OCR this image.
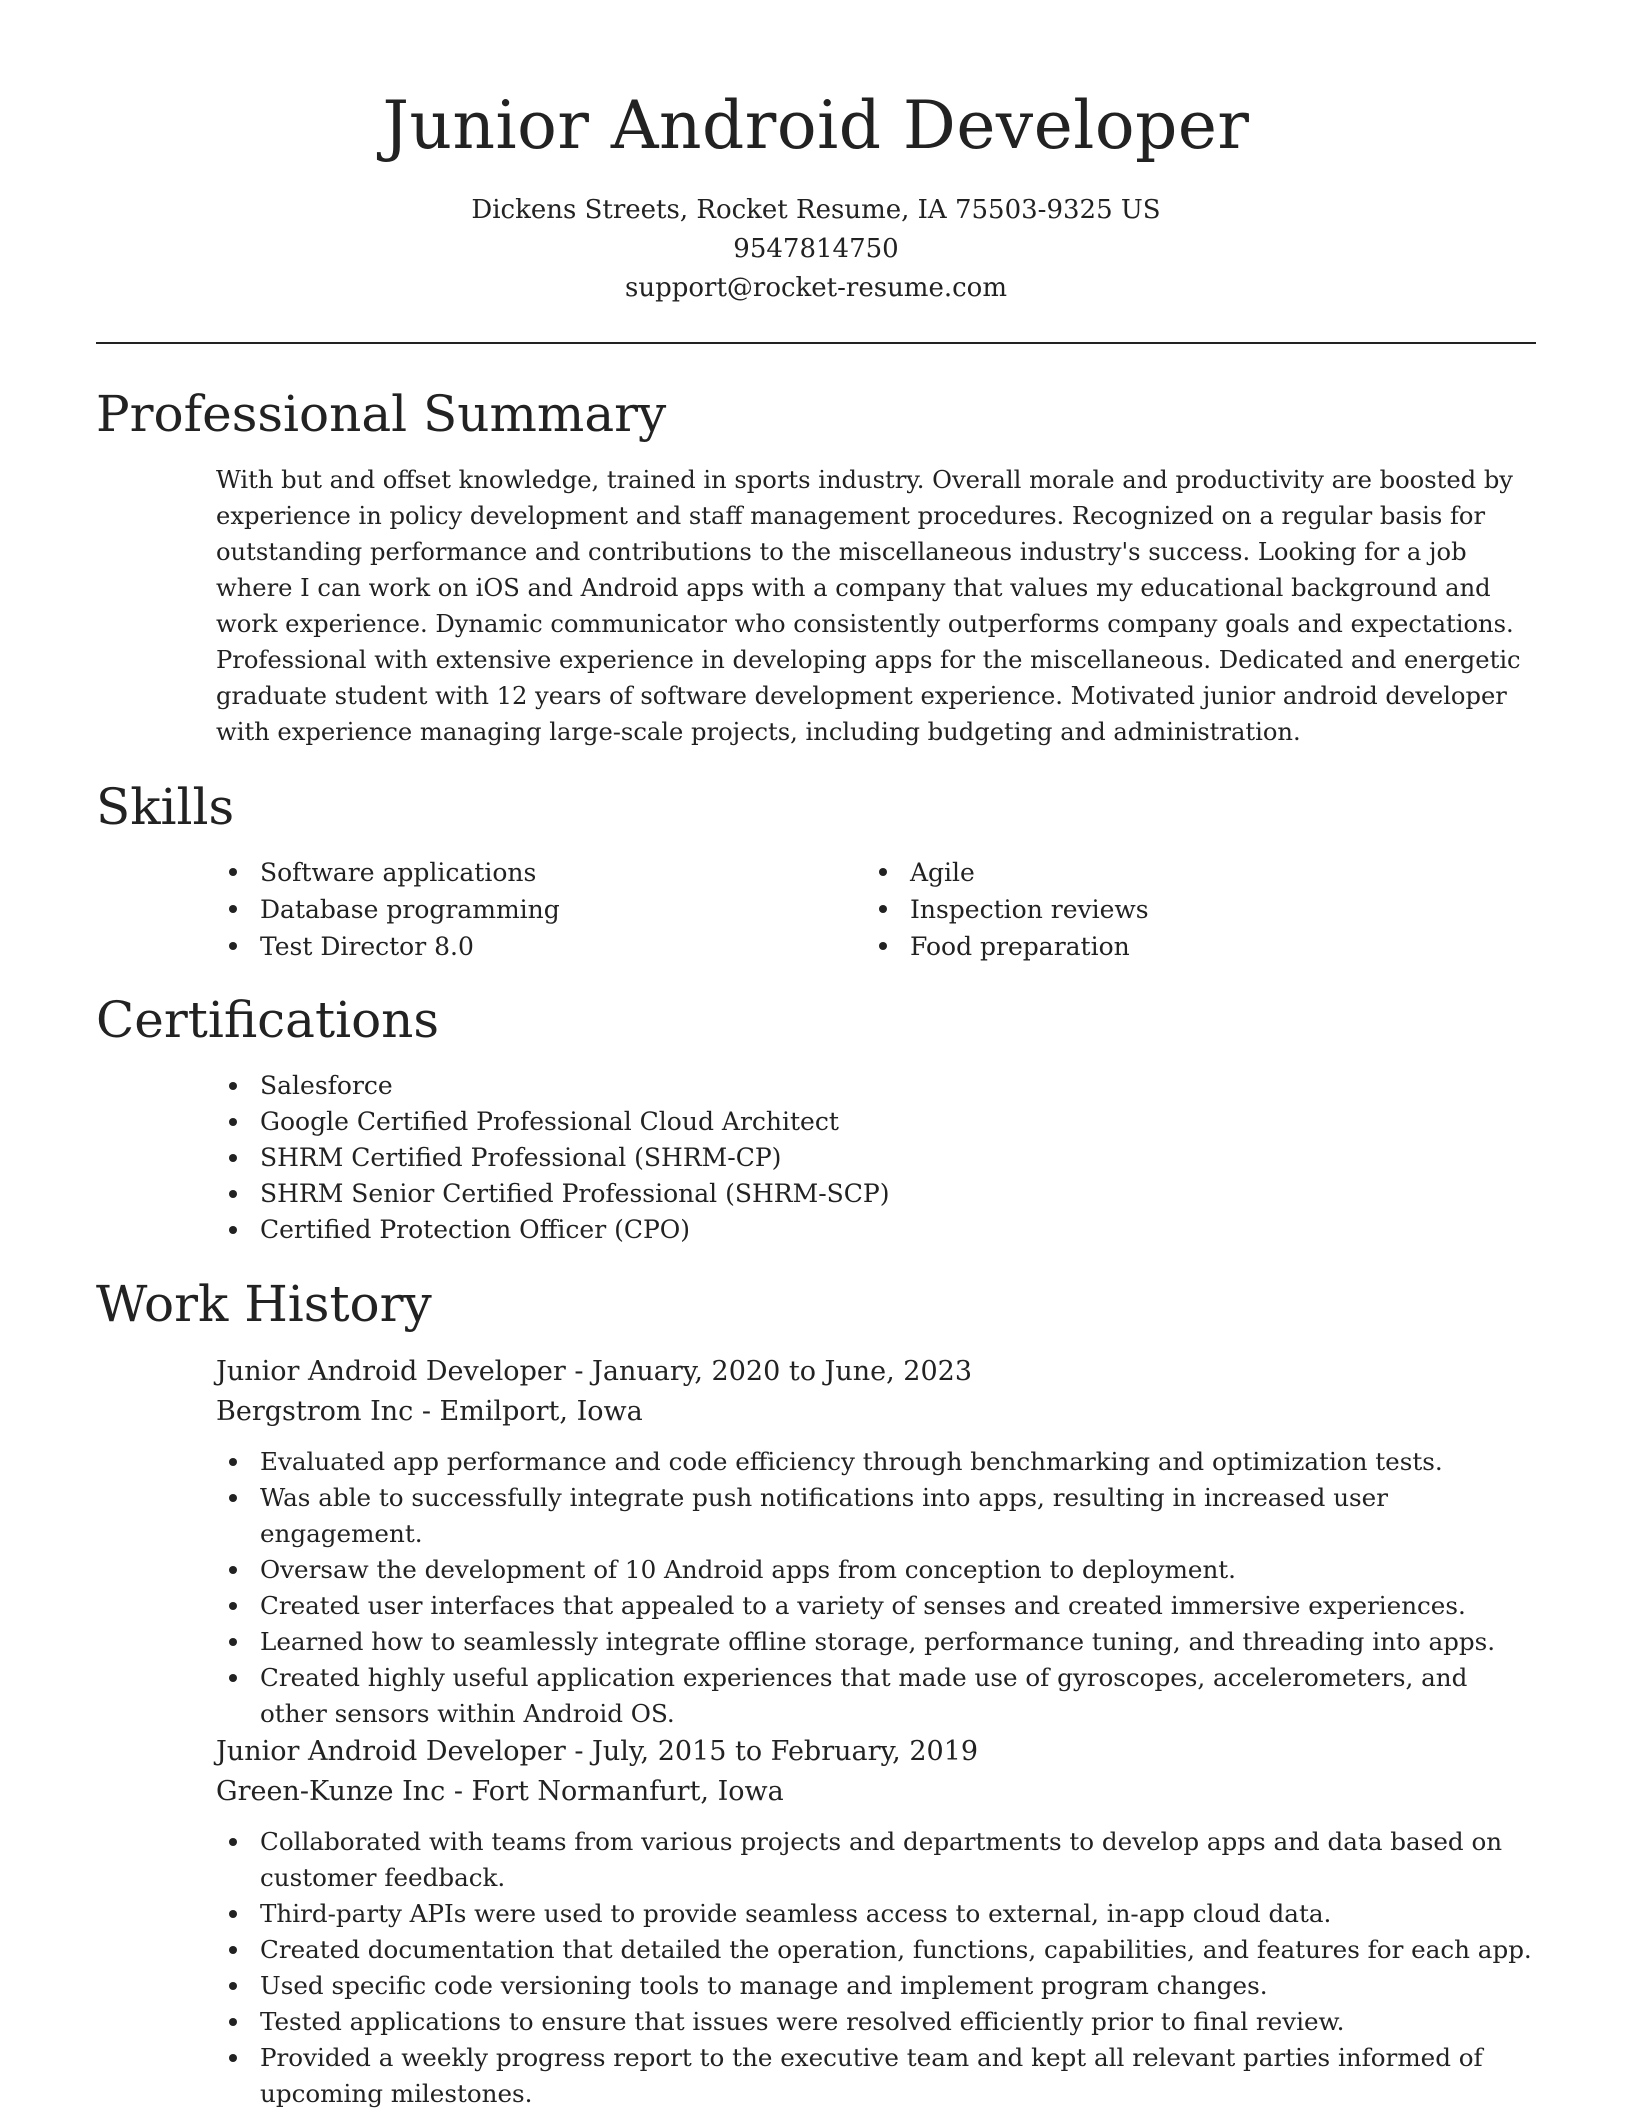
Junior Android Developer
Dickens Streets, Rocket Resume, IA 75503-9325 US
9547814750
support@rocket-resume.com
Professional Summary

With but and offset knowledge, trained in sports industry. Overall morale and productivity are boosted by experience in policy development and staff management procedures. Recognized on a regular basis for outstanding performance and contributions to the miscellaneous industry's success. Looking for a job where I can work on iOS and Android apps with a company that values my educational background and work experience. Dynamic communicator who consistently outperforms company goals and expectations. Professional with extensive experience in developing apps for the miscellaneous. Dedicated and energetic graduate student with 12 years of software development experience. Motivated junior android developer with experience managing large-scale projects, including budgeting and administration.

Skills
Software applications
Database programming
Test Director 8.0
Agile
Inspection reviews
Food preparation
Certifications
Salesforce
Google Certified Professional Cloud Architect
SHRM Certified Professional (SHRM-CP)
SHRM Senior Certified Professional (SHRM-SCP)
Certified Protection Officer (CPO)
Work History
Junior Android Developer - January, 2020 to June, 2023
Bergstrom Inc - Emilport, Iowa
Evaluated app performance and code efficiency through benchmarking and optimization tests.
Was able to successfully integrate push notifications into apps, resulting in increased user engagement.
Oversaw the development of 10 Android apps from conception to deployment.
Created user interfaces that appealed to a variety of senses and created immersive experiences.
Learned how to seamlessly integrate offline storage, performance tuning, and threading into apps.
Created highly useful application experiences that made use of gyroscopes, accelerometers, and other sensors within Android OS.
Junior Android Developer - July, 2015 to February, 2019
Green-Kunze Inc - Fort Normanfurt, Iowa
Collaborated with teams from various projects and departments to develop apps and data based on customer feedback.
Third-party APIs were used to provide seamless access to external, in-app cloud data.
Created documentation that detailed the operation, functions, capabilities, and features for each app.
Used specific code versioning tools to manage and implement program changes.
Tested applications to ensure that issues were resolved efficiently prior to final review.
Provided a weekly progress report to the executive team and kept all relevant parties informed of upcoming milestones.
